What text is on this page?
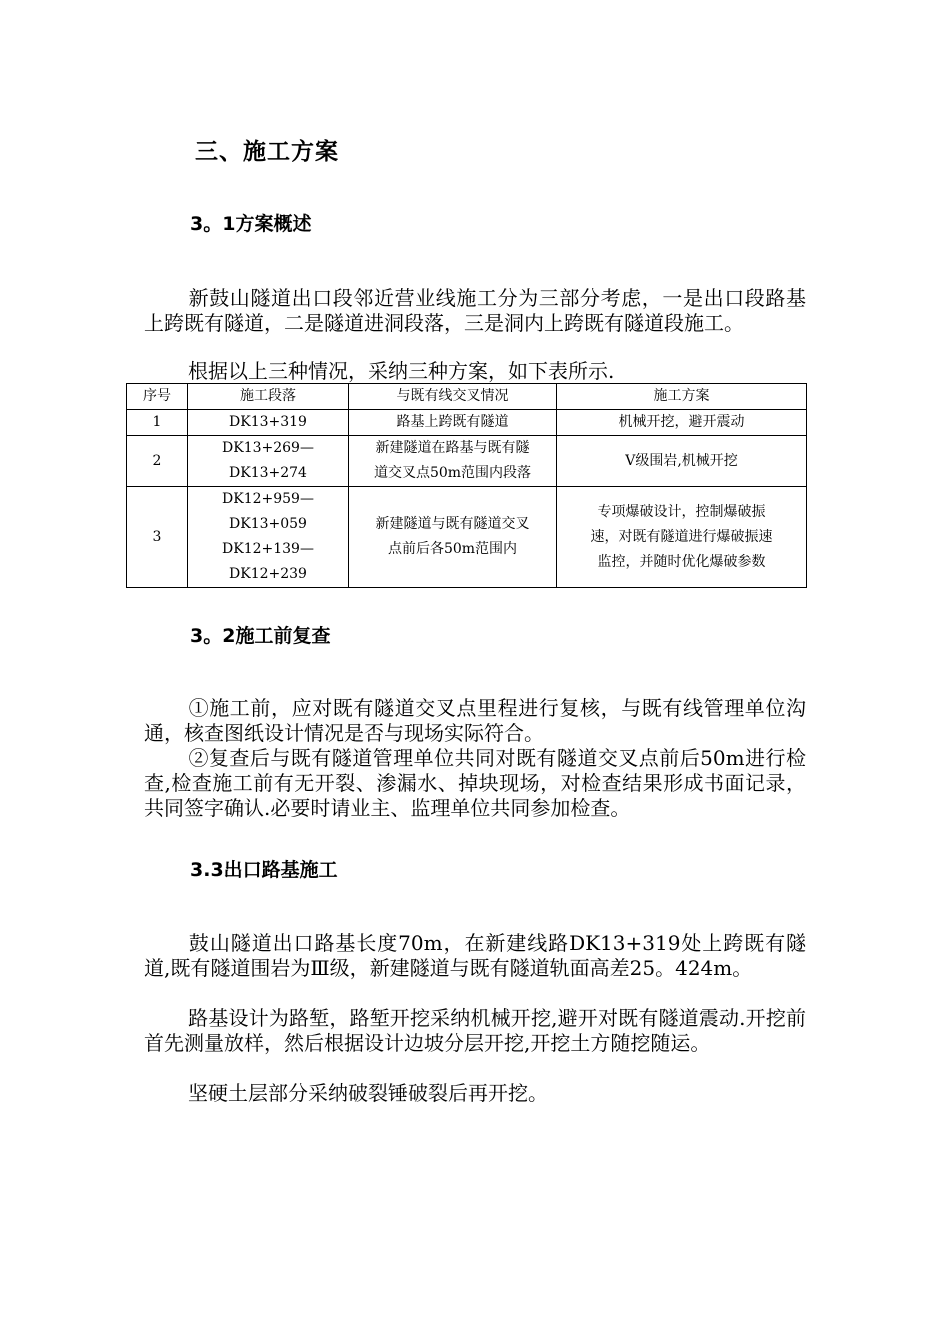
三、施工方案
3。1方案概述
新鼓山隧道出口段邻近营业线施工分为三部分考虑，一是出口段路基上跨既有隧道，二是隧道进洞段落，三是洞内上跨既有隧道段施工。
根据以上三种情况，采纳三种方案，如下表所示.
序号	施工段落	与既有线交叉情况	施工方案
1	DK13+319	路基上跨既有隧道	机械开挖，避开震动

2	DK13+269—
DK13+274	新建隧道在路基与既有隧
道交叉点50m范围内段落	Ⅴ级围岩,机械开挖

3	DK12+959—
DK13+059
DK12+139—
DK12+239	新建隧道与既有隧道交叉
点前后各50m范围内	专项爆破设计，控制爆破振
速，对既有隧道进行爆破振速
监控，并随时优化爆破参数
3。2施工前复查
①施工前，应对既有隧道交叉点里程进行复核，与既有线管理单位沟通，核查图纸设计情况是否与现场实际符合。
②复查后与既有隧道管理单位共同对既有隧道交叉点前后50m进行检查,检查施工前有无开裂、渗漏水、掉块现场，对检查结果形成书面记录，共同签字确认.必要时请业主、监理单位共同参加检查。
3.3出口路基施工
鼓山隧道出口路基长度70m，在新建线路DK13+319处上跨既有隧道,既有隧道围岩为Ⅲ级，新建隧道与既有隧道轨面高差25。424m。
路基设计为路堑，路堑开挖采纳机械开挖,避开对既有隧道震动.开挖前首先测量放样，然后根据设计边坡分层开挖,开挖土方随挖随运。
坚硬土层部分采纳破裂锤破裂后再开挖。
